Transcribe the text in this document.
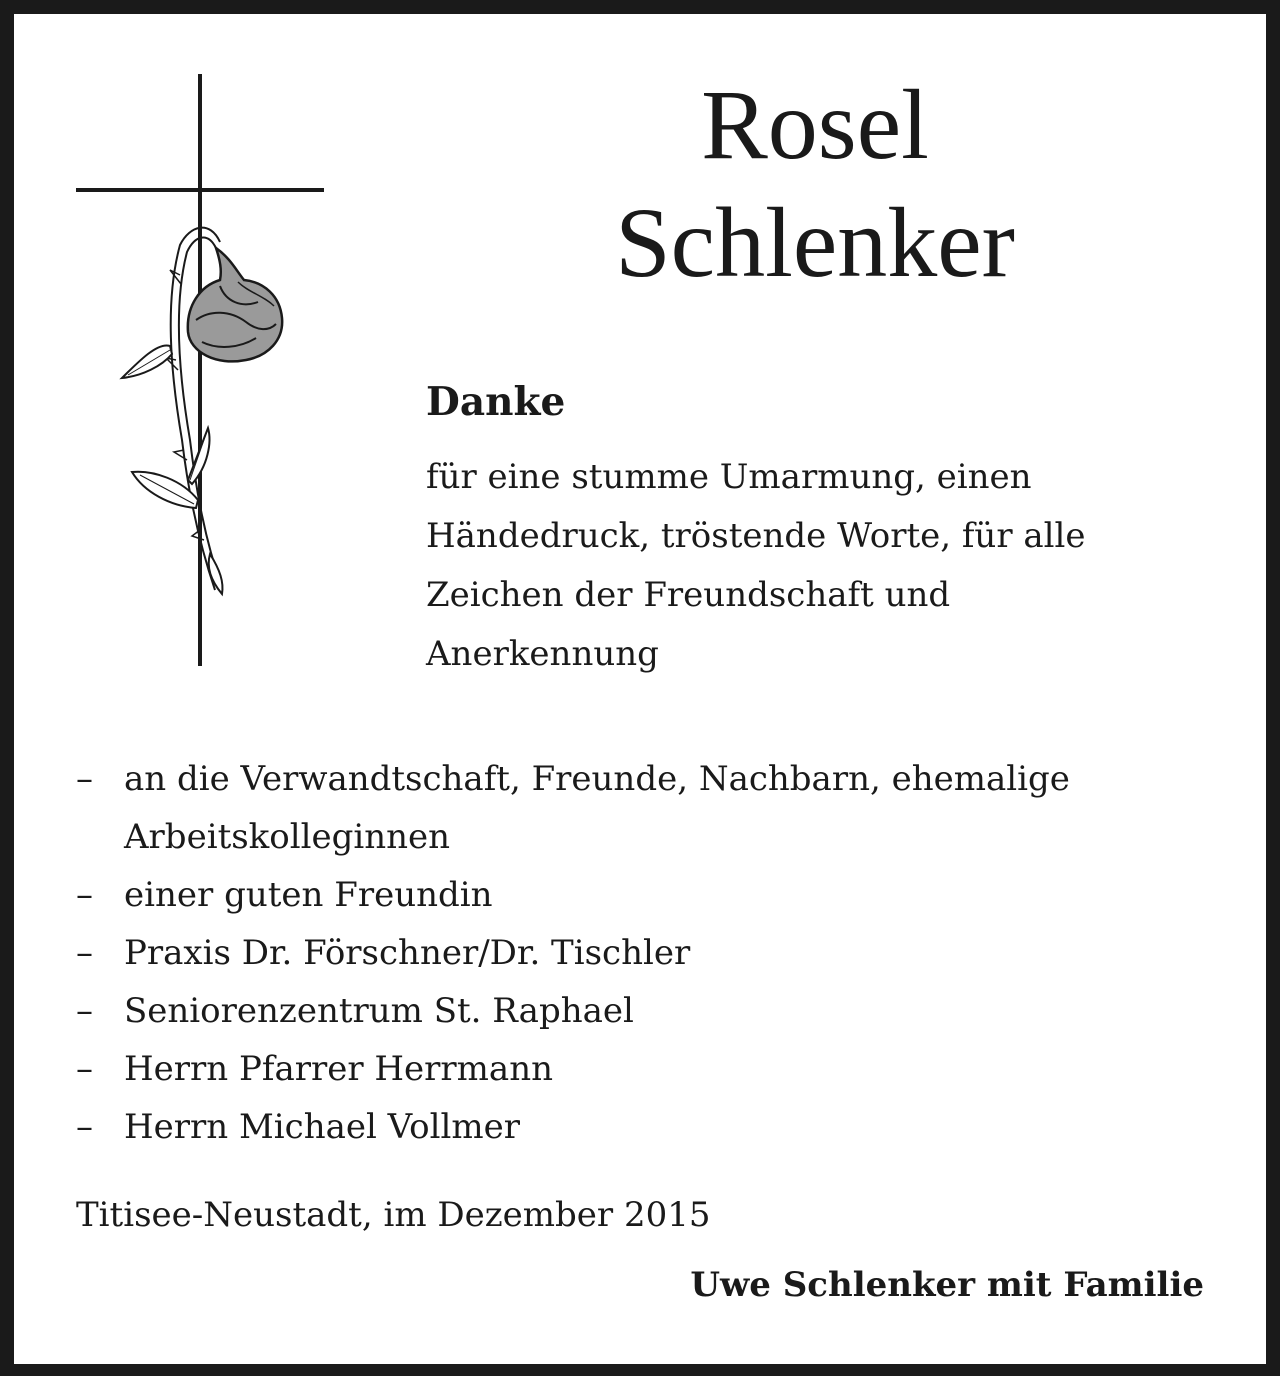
Rosel
Schlenker
Danke
für eine stumme Umarmung, einen
Händedruck, tröstende Worte, für alle
Zeichen der Freundschaft und
Anerkennung
– an die Verwandtschaft, Freunde, Nachbarn, ehemalige Arbeitskolleginnen
– einer guten Freundin
– Praxis Dr. Förschner/Dr. Tischler
– Seniorenzentrum St. Raphael
– Herrn Pfarrer Herrmann
– Herrn Michael Vollmer
Titisee-Neustadt, im Dezember 2015
Uwe Schlenker mit Familie
